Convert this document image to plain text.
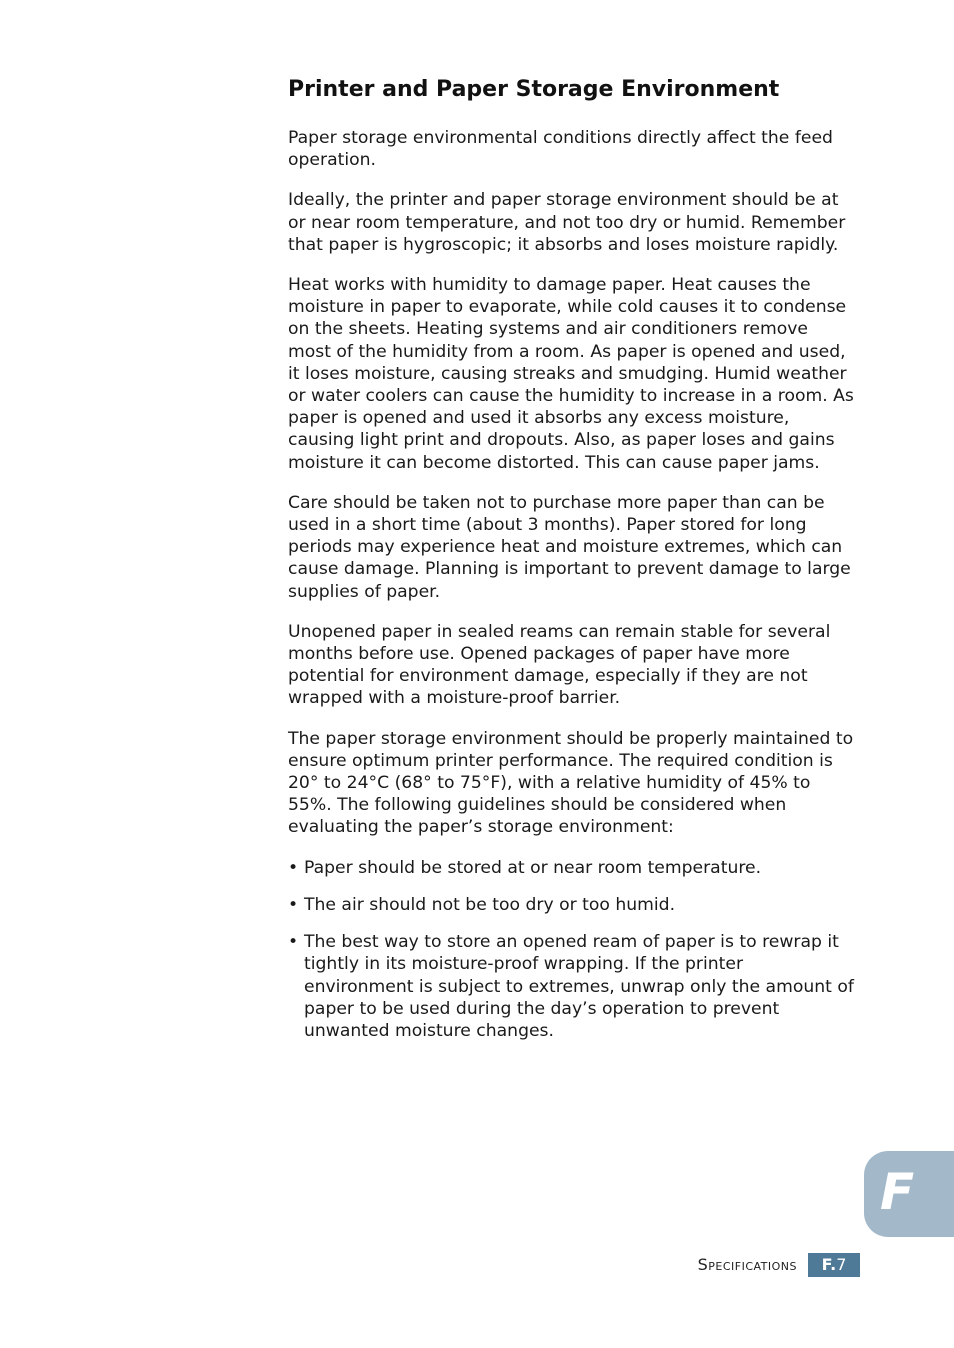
Printer and Paper Storage Environment

Paper storage environmental conditions directly affect the feed operation.

Ideally, the printer and paper storage environment should be at or near room temperature, and not too dry or humid. Remember that paper is hygroscopic; it absorbs and loses moisture rapidly.

Heat works with humidity to damage paper. Heat causes the moisture in paper to evaporate, while cold causes it to condense on the sheets. Heating systems and air conditioners remove most of the humidity from a room. As paper is opened and used, it loses moisture, causing streaks and smudging. Humid weather or water coolers can cause the humidity to increase in a room. As paper is opened and used it absorbs any excess moisture, causing light print and dropouts. Also, as paper loses and gains moisture it can become distorted. This can cause paper jams.

Care should be taken not to purchase more paper than can be used in a short time (about 3 months). Paper stored for long periods may experience heat and moisture extremes, which can cause damage. Planning is important to prevent damage to large supplies of paper.

Unopened paper in sealed reams can remain stable for several months before use. Opened packages of paper have more potential for environment damage, especially if they are not wrapped with a moisture-proof barrier.

The paper storage environment should be properly maintained to ensure optimum printer performance. The required condition is 20° to 24°C (68° to 75°F), with a relative humidity of 45% to 55%. The following guidelines should be considered when evaluating the paper’s storage environment:

• Paper should be stored at or near room temperature.
• The air should not be too dry or too humid.
• The best way to store an opened ream of paper is to rewrap it tightly in its moisture-proof wrapping. If the printer environment is subject to extremes, unwrap only the amount of paper to be used during the day’s operation to prevent unwanted moisture changes.
F
Specifications	F.7
